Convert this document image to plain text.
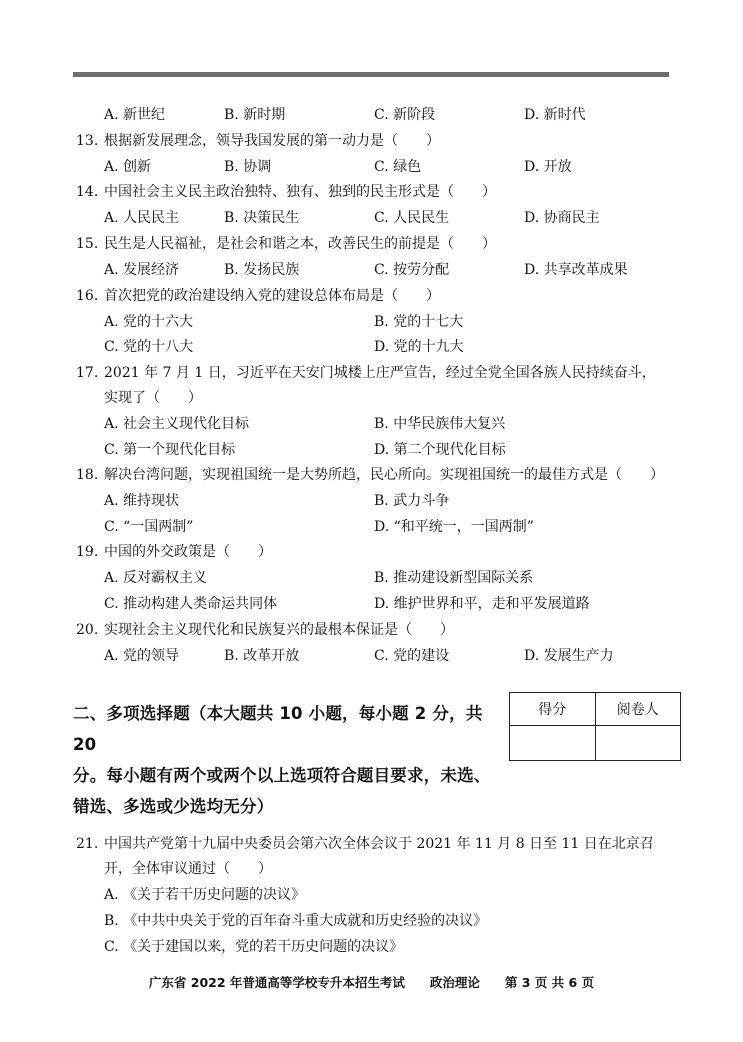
A. 新世纪	B. 新时期	C. 新阶段	D. 新时代
13. 根据新发展理念，领导我国发展的第一动力是（　　）
A. 创新	B. 协调	C. 绿色	D. 开放
14. 中国社会主义民主政治独特、独有、独到的民主形式是（　　）
A. 人民民主	B. 决策民生	C. 人民民生	D. 协商民主
15. 民生是人民福祉，是社会和谐之本，改善民生的前提是（　　）
A. 发展经济	B. 发扬民族	C. 按劳分配	D. 共享改革成果
16. 首次把党的政治建设纳入党的建设总体布局是（　　）
A. 党的十六大	B. 党的十七大
C. 党的十八大	D. 党的十九大
17. 2021 年 7 月 1 日，习近平在天安门城楼上庄严宣告，经过全党全国各族人民持续奋斗，
实现了（　　）
A. 社会主义现代化目标	B. 中华民族伟大复兴
C. 第一个现代化目标	D. 第二个现代化目标
18. 解决台湾问题，实现祖国统一是大势所趋，民心所向。实现祖国统一的最佳方式是（　　）
A. 维持现状	B. 武力斗争
C. “一国两制”	D. “和平统一，一国两制”
19. 中国的外交政策是（　　）
A. 反对霸权主义	B. 推动建设新型国际关系
C. 推动构建人类命运共同体	D. 维护世界和平，走和平发展道路
20. 实现社会主义现代化和民族复兴的最根本保证是（　　）
A. 党的领导	B. 改革开放	C. 党的建设	D. 发展生产力
二、多项选择题（本大题共 10 小题，每小题 2 分，共 20
分。每小题有两个或两个以上选项符合题目要求，未选、
错选、多选或少选均无分）
得分	阅卷人

21. 中国共产党第十九届中央委员会第六次全体会议于 2021 年 11 月 8 日至 11 日在北京召
开，全体审议通过（　　）
A. 《关于若干历史问题的决议》
B. 《中共中央关于党的百年奋斗重大成就和历史经验的决议》
C. 《关于建国以来，党的若干历史问题的决议》
广东省 2022 年普通高等学校专升本招生考试　　政治理论　　第 3 页 共 6 页
